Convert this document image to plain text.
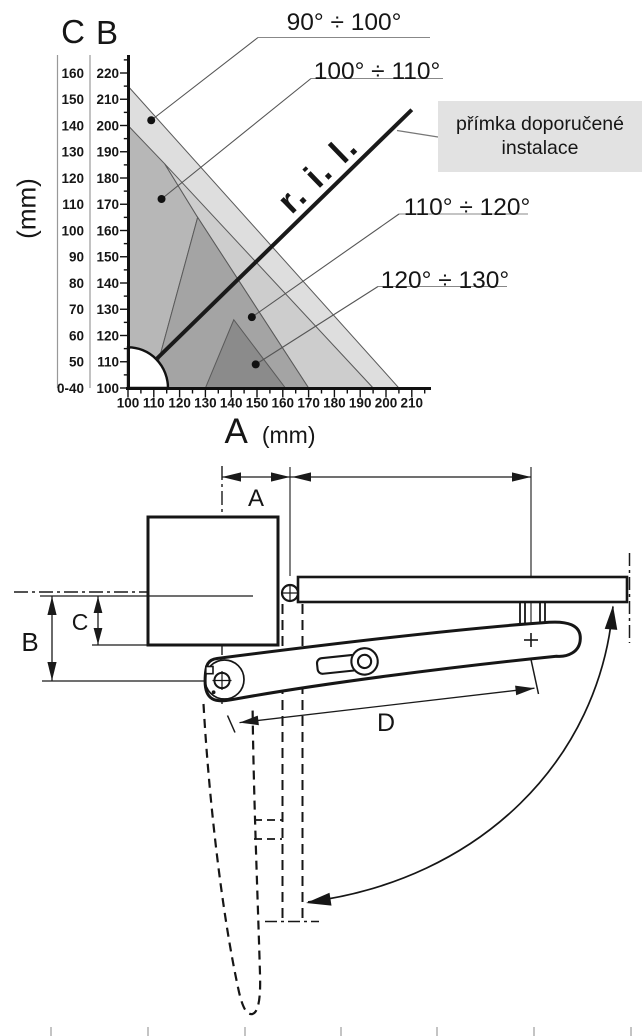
220
160
210
150
200
140
190
130
180
120
170
110
160
100
150
90
140
80
130
70
120
60
110
50
100
0-40
100 110 120 130 140 150 160 170 180 190 200 210
r. i. l.
90° ÷ 100°
100° ÷ 110°
110° ÷ 120°
120° ÷ 130°
C B
(mm)
A (mm)
přímka doporučené
instalace
A
D
C
B
